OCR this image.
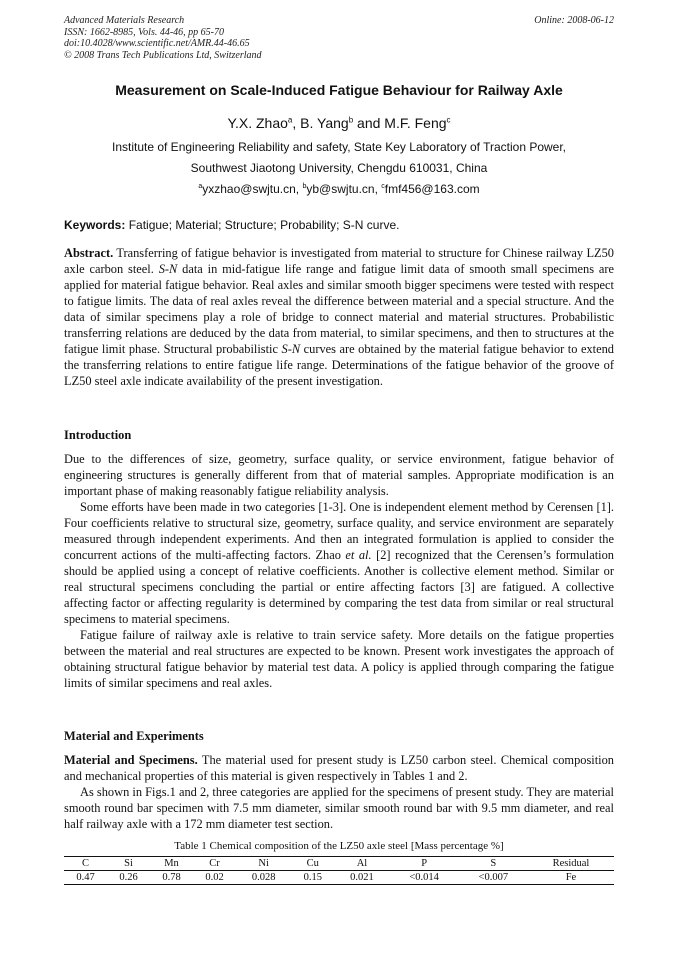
Advanced Materials Research
ISSN: 1662-8985, Vols. 44-46, pp 65-70
doi:10.4028/www.scientific.net/AMR.44-46.65
© 2008 Trans Tech Publications Ltd, Switzerland
Online: 2008-06-12
Measurement on Scale-Induced Fatigue Behaviour for Railway Axle
Y.X. Zhao$^a$, B. Yang$^b$ and M.F. Feng$^c$
Institute of Engineering Reliability and safety, State Key Laboratory of Traction Power,
Southwest Jiaotong University, Chengdu 610031, China
$^a$yxzhao@swjtu.cn, $^b$yb@swjtu.cn, $^c$fmf456@163.com
Keywords: Fatigue; Material; Structure; Probability; S-N curve.
Abstract. Transferring of fatigue behavior is investigated from material to structure for Chinese railway LZ50 axle carbon steel. S-N data in mid-fatigue life range and fatigue limit data of smooth small specimens are applied for material fatigue behavior. Real axles and similar smooth bigger specimens were tested with respect to fatigue limits. The data of real axles reveal the difference between material and a special structure. And the data of similar specimens play a role of bridge to connect material and material structures. Probabilistic transferring relations are deduced by the data from material, to similar specimens, and then to structures at the fatigue limit phase. Structural probabilistic S-N curves are obtained by the material fatigue behavior to extend the transferring relations to entire fatigue life range. Determinations of the fatigue behavior of the groove of LZ50 steel axle indicate availability of the present investigation.
Introduction
Due to the differences of size, geometry, surface quality, or service environment, fatigue behavior of engineering structures is generally different from that of material samples. Appropriate modification is an important phase of making reasonably fatigue reliability analysis.
Some efforts have been made in two categories [1-3]. One is independent element method by Cerensen [1]. Four coefficients relative to structural size, geometry, surface quality, and service environment are separately measured through independent experiments. And then an integrated formulation is applied to consider the concurrent actions of the multi-affecting factors. Zhao et al. [2] recognized that the Cerensen’s formulation should be applied using a concept of relative coefficients. Another is collective element method. Similar or real structural specimens concluding the partial or entire affecting factors [3] are fatigued. A collective affecting factor or affecting regularity is determined by comparing the test data from similar or real structural specimens to material specimens.
Fatigue failure of railway axle is relative to train service safety. More details on the fatigue properties between the material and real structures are expected to be known. Present work investigates the approach of obtaining structural fatigue behavior by material test data. A policy is applied through comparing the fatigue limits of similar specimens and real axles.
Material and Experiments
Material and Specimens. The material used for present study is LZ50 carbon steel. Chemical composition and mechanical properties of this material is given respectively in Tables 1 and 2.
As shown in Figs.1 and 2, three categories are applied for the specimens of present study. They are material smooth round bar specimen with 7.5 mm diameter, similar smooth round bar with 9.5 mm diameter, and real half railway axle with a 172 mm diameter test section.
Table 1 Chemical composition of the LZ50 axle steel [Mass percentage %]
C	Si	Mn	Cr	Ni	Cu	Al	P	S	Residual
0.47	0.26	0.78	0.02	0.028	0.15	0.021	<0.014	<0.007	Fe
